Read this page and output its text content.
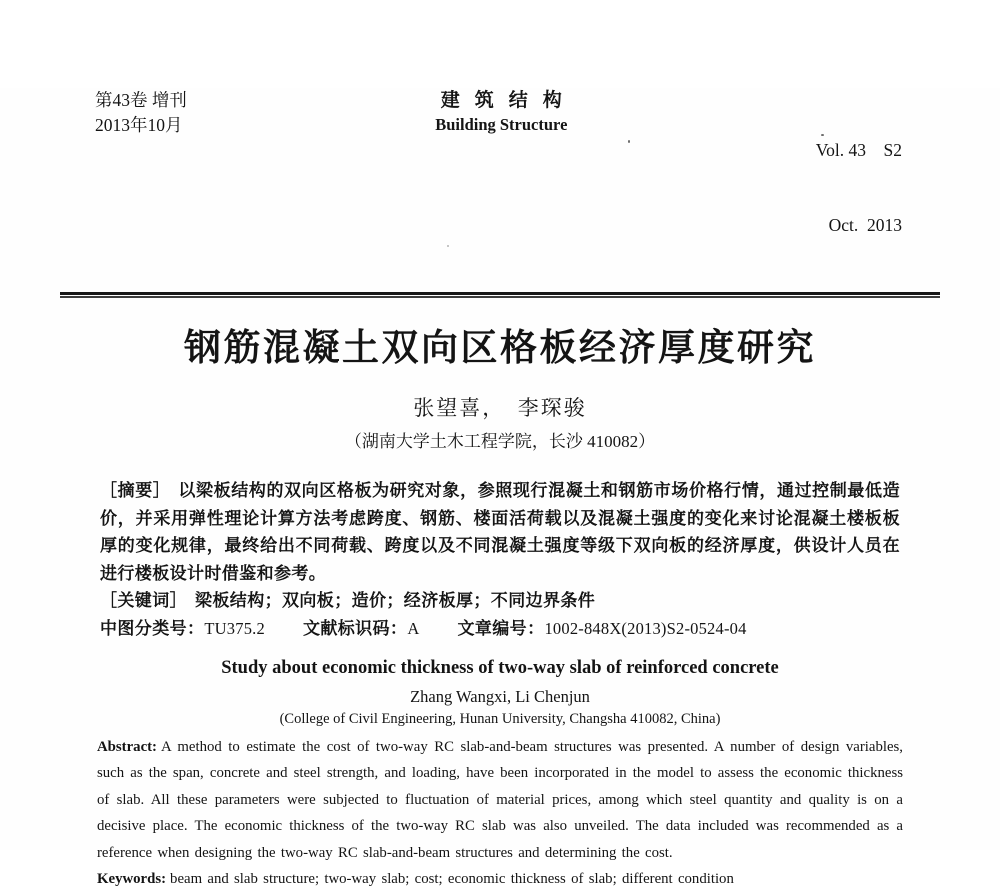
第43卷 增刊
2013年10月
建筑结构
Building Structure

Vol. 43    S2

Oct.  2013

钢筋混凝土双向区格板经济厚度研究
张望喜，　李琛骏
（湖南大学土木工程学院，长沙 410082）

［摘要］ 以梁板结构的双向区格板为研究对象，参照现行混凝土和钢筋市场价格行情，通过控制最低造价，并采用弹性理论计算方法考虑跨度、钢筋、楼面活荷载以及混凝土强度的变化来讨论混凝土楼板板厚的变化规律，最终给出不同荷载、跨度以及不同混凝土强度等级下双向板的经济厚度，供设计人员在进行楼板设计时借鉴和参考。

［关键词］ 梁板结构；双向板；造价；经济板厚；不同边界条件

中图分类号：TU375.2 文献标识码：A 文章编号：1002-848X(2013)S2-0524-04

Study about economic thickness of two-way slab of reinforced concrete
Zhang Wangxi, Li Chenjun
(College of Civil Engineering, Hunan University, Changsha 410082, China)

Abstract: A method to estimate the cost of two-way RC slab-and-beam structures was presented. A number of design variables, such as the span, concrete and steel strength, and loading, have been incorporated in the model to assess the economic thickness of slab. All these parameters were subjected to fluctuation of material prices, among which steel quantity and quality is on a decisive place. The economic thickness of the two-way RC slab was also unveiled. The data included was recommended as a reference when designing the two-way RC slab-and-beam structures and determining the cost.

Keywords: beam and slab structure; two-way slab; cost; economic thickness of slab; different condition
